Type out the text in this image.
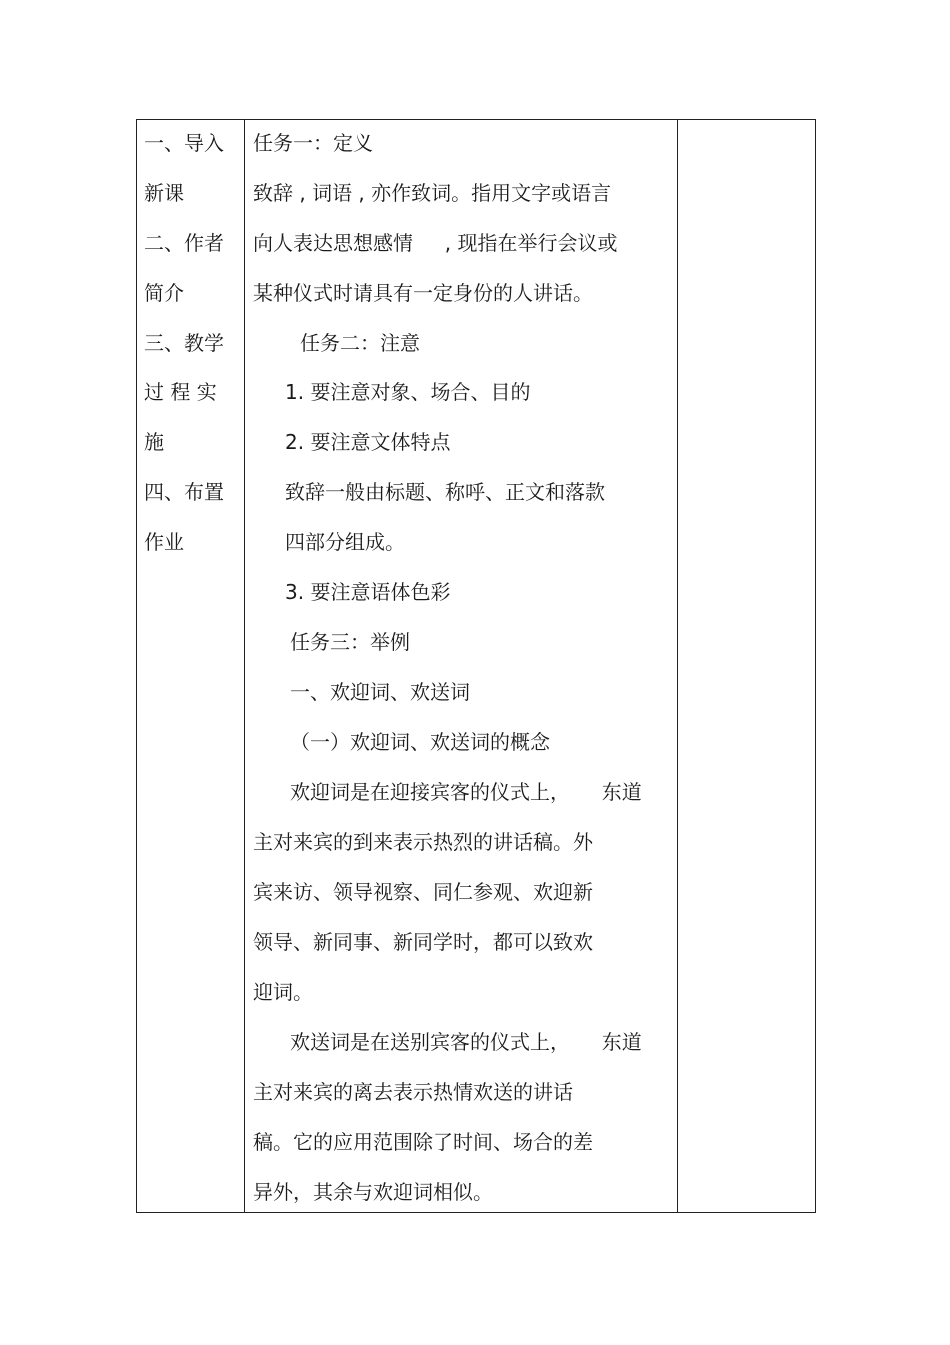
一、导入
新课
二、作者
简介
三、教学
过 程 实
施
四、布置
作业
任务一：定义
致辞 , 词语 , 亦作致词。指用文字或语言
向人表达思想感情     , 现指在举行会议或
某种仪式时请具有一定身份的人讲话。
任务二：注意
1. 要注意对象、场合、目的
2. 要注意文体特点
致辞一般由标题、称呼、正文和落款
四部分组成。
3. 要注意语体色彩
任务三：举例
一、欢迎词、欢送词
（一）欢迎词、欢送词的概念
欢迎词是在迎接宾客的仪式上，     东道
主对来宾的到来表示热烈的讲话稿。外
宾来访、领导视察、同仁参观、欢迎新
领导、新同事、新同学时，都可以致欢
迎词。
欢送词是在送别宾客的仪式上，     东道
主对来宾的离去表示热情欢送的讲话
稿。它的应用范围除了时间、场合的差
异外，其余与欢迎词相似。
